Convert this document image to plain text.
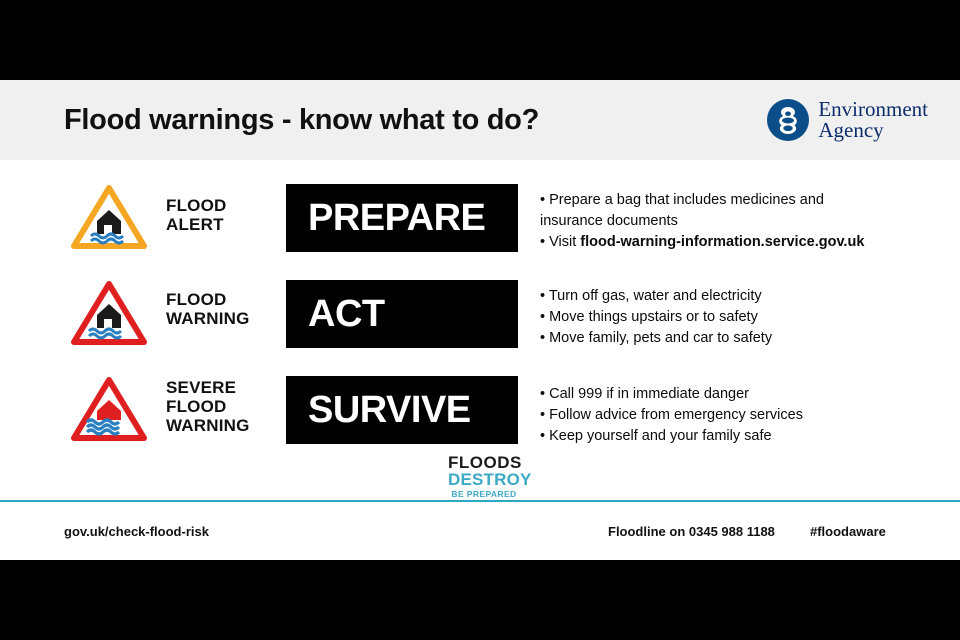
Flood warnings - know what to do?	Environment
Agency
FLOOD
ALERT	PREPARE	• Prepare a bag that includes medicines and
insurance documents
• Visit flood-warning-information.service.gov.uk
FLOOD
WARNING	ACT	• Turn off gas, water and electricity
• Move things upstairs or to safety
• Move family, pets and car to safety
SEVERE
FLOOD
WARNING	SURVIVE	• Call 999 if in immediate danger
• Follow advice from emergency services
• Keep yourself and your family safe
FLOODS
DESTROY
BE PREPARED
gov.uk/check-flood-risk	Floodline on 0345 988 1188	#floodaware
